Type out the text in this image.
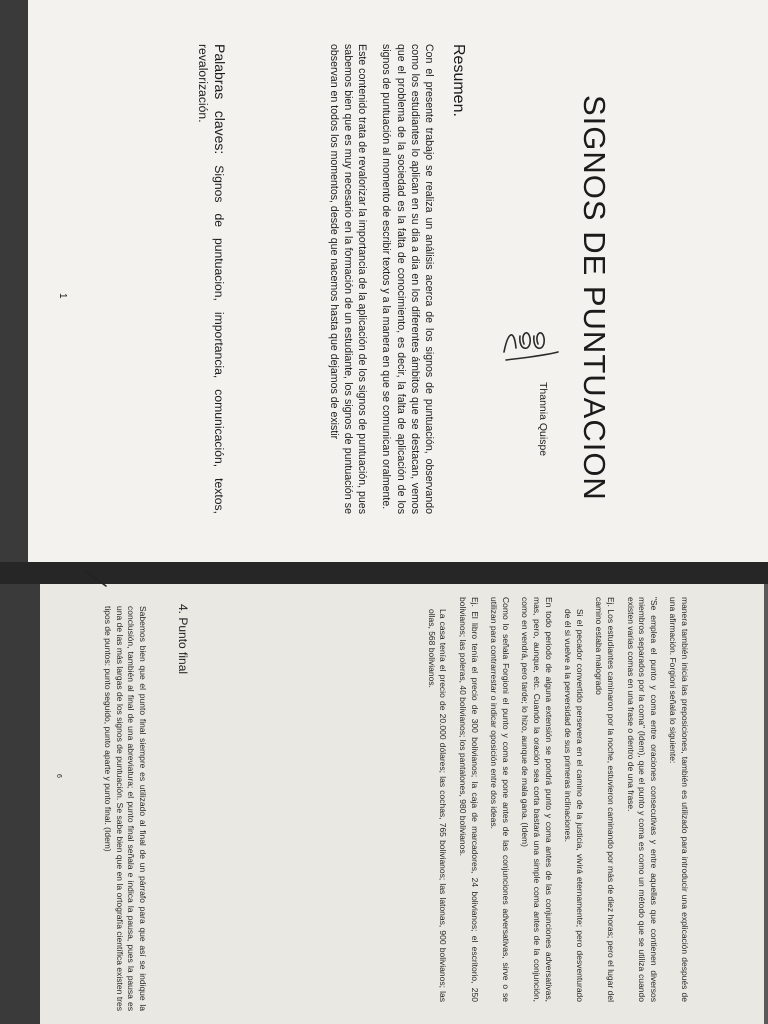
SIGNOS DE PUNTUACION
Thannia Quispe
Resumen.

Con el presente trabajo se realiza un análisis acerca de los signos de puntuación, observando como los estudiantes lo aplican en su dia a dia en los diferentes ámbitos que se destacan, vemos que el problema de la sociedad es la falta de conocimiento, es decir, la falta de aplicación de los signos de puntuación al momento de escribir textos y a la manera en que se comunican oralmente.

Este contenido trata de revalorizar la importancia de la aplicación de los signos de puntuación, pues sabemos bien que es muy necesario en la formación de un estudiante, los signos de puntuación se observan en todos los momentos, desde que nacemos hasta que dejamos de existir

Palabras claves: Signos de puntuacion, importancia, comunicación, textos, revalorización.
1

manera también inicia las preposiciones, también es utilizado para introducir una explicación después de una afirmación. Forgioni señala lo siguiente:

"Se emplea el punto y coma entre oraciones consecutivas y entre aquellas que contienen diversos miembros separados por la coma" (Idem), que el punto y coma es como un método que se utiliza cuando existen varias comas en una frase o dentro de una frase.

Ej. Los estudiantes caminaron por la noche, estuvieron caminando por más de diez horas; pero el lugar del camino estaba malogrado

Si el pecador convertido persevera en el camino de la justicia, vivirá eternamente; pero desventurado de él si vuelve a la perversidad de sus primeras inclinaciones.

En todo periodo de alguna extensión se pondrá punto y coma antes de las conjunciones adversativas, mas, pero, aunque, etc. Cuando la oración sea corta bastará una simple coma antes de la conjunción, como en vendrá, pero tarde; lo hizo, aunque de mala gana. (Idem)

Como lo señala Forgioni el punto y coma se pone antes de las conjunciones adversativas, sirve o se utilizan para contrarrestar o indicar oposición entre dos ideas.

Ej. El libro tenía el precio de 300 bolivianos; la caja de marcadores, 24 bolivianos; el escritorio, 250 bolivianos; las poleras, 40 bolivianos; los pantalones, 980 bolivianos.

La casa tenía el precio de 20.000 dólares; las cochas, 765 bolivianos; las latonas, 900 bolivianos; las ollas, 568 bolivianos.

4. Punto final

Sabemos bien que el punto final siempre es utilizado al final de un párrafo para que así se indique la conclusión, también al final de una abreviatura; el punto final señala e indica la pausa, pues la pausa es una de las más largas de los signos de puntuación. Se sabe bien que en la ortografía científica existen tres tipos de puntos: punto seguido, punto aparte y punto final. (Idem)

6
